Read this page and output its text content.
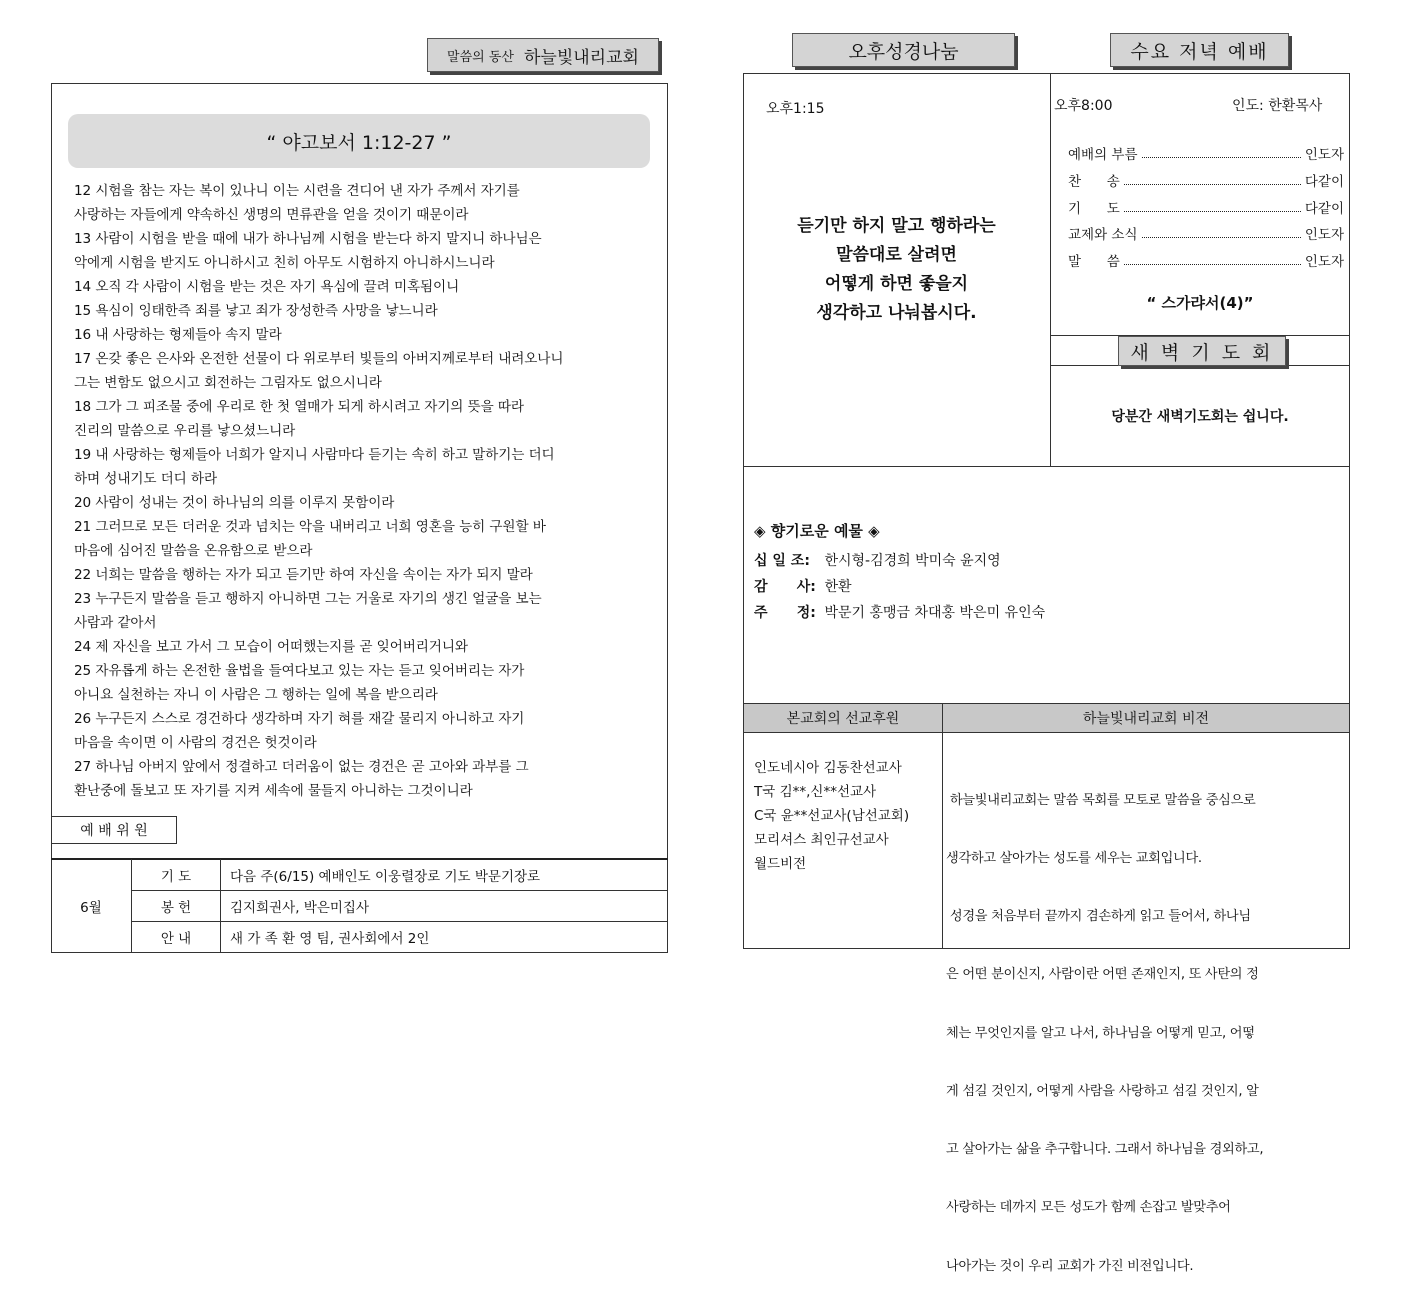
말씀의 동산 하늘빛내리교회
“ 야고보서 1:12-27 ”
12 시험을 참는 자는 복이 있나니 이는 시련을 견디어 낸 자가 주께서 자기를
사랑하는 자들에게 약속하신 생명의 면류관을 얻을 것이기 때문이라
13 사람이 시험을 받을 때에 내가 하나님께 시험을 받는다 하지 말지니 하나님은
악에게 시험을 받지도 아니하시고 친히 아무도 시험하지 아니하시느니라
14 오직 각 사람이 시험을 받는 것은 자기 욕심에 끌려 미혹됨이니
15 욕심이 잉태한즉 죄를 낳고 죄가 장성한즉 사망을 낳느니라
16 내 사랑하는 형제들아 속지 말라
17 온갖 좋은 은사와 온전한 선물이 다 위로부터 빛들의 아버지께로부터 내려오나니
그는 변함도 없으시고 회전하는 그림자도 없으시니라
18 그가 그 피조물 중에 우리로 한 첫 열매가 되게 하시려고 자기의 뜻을 따라
진리의 말씀으로 우리를 낳으셨느니라
19 내 사랑하는 형제들아 너희가 알지니 사람마다 듣기는 속히 하고 말하기는 더디
하며 성내기도 더디 하라
20 사람이 성내는 것이 하나님의 의를 이루지 못함이라
21 그러므로 모든 더러운 것과 넘치는 악을 내버리고 너희 영혼을 능히 구원할 바
마음에 심어진 말씀을 온유함으로 받으라
22 너희는 말씀을 행하는 자가 되고 듣기만 하여 자신을 속이는 자가 되지 말라
23 누구든지 말씀을 듣고 행하지 아니하면 그는 거울로 자기의 생긴 얼굴을 보는
사람과 같아서
24 제 자신을 보고 가서 그 모습이 어떠했는지를 곧 잊어버리거니와
25 자유롭게 하는 온전한 율법을 들여다보고 있는 자는 듣고 잊어버리는 자가
아니요 실천하는 자니 이 사람은 그 행하는 일에 복을 받으리라
26 누구든지 스스로 경건하다 생각하며 자기 혀를 재갈 물리지 아니하고 자기
마음을 속이면 이 사람의 경건은 헛것이라
27 하나님 아버지 앞에서 정결하고 더러움이 없는 경건은 곧 고아와 과부를 그
환난중에 돌보고 또 자기를 지켜 세속에 물들지 아니하는 그것이니라
예 배 위 원
6월
기 도	다음 주(6/15) 예배인도 이웅렬장로 기도 박문기장로
봉 헌	김지희권사, 박은미집사
안 내	새 가 족 환 영 팀, 권사회에서 2인
오후성경나눔	수요 저녁 예배
오후1:15
듣기만 하지 말고 행하라는
말씀대로 살려면
어떻게 하면 좋을지
생각하고 나눠봅시다.
오후8:00	인도: 한환목사
예배의 부름	인도자
찬      송	다같이
기      도	다같이
교제와 소식	인도자
말      씀	인도자
“ 스가랴서(4)”
새 벽 기 도 회
당분간 새벽기도회는 쉽니다.
◈ 향기로운 예물 ◈
십 일 조: 한시형-김경희 박미숙 윤지영
감      사: 한환
주      정: 박문기 홍맹금 차대홍 박은미 유인숙
본교회의 선교후원	하늘빛내리교회 비전
인도네시아 김동찬선교사
T국 김**,신**선교사
C국 윤**선교사(남선교회)
모리셔스 최인규선교사
월드비전

하늘빛내리교회는 말씀 목회를 모토로 말씀을 중심으로

생각하고 살아가는 성도를 세우는 교회입니다.

성경을 처음부터 끝까지 겸손하게 읽고 들어서, 하나님

은 어떤 분이신지, 사람이란 어떤 존재인지, 또 사탄의 정

체는 무엇인지를 알고 나서, 하나님을 어떻게 믿고, 어떻

게 섬길 것인지, 어떻게 사람을 사랑하고 섬길 것인지, 알

고 살아가는 삶을 추구합니다. 그래서 하나님을 경외하고,

사랑하는 데까지 모든 성도가 함께 손잡고 발맞추어

나아가는 것이 우리 교회가 가진 비전입니다.
